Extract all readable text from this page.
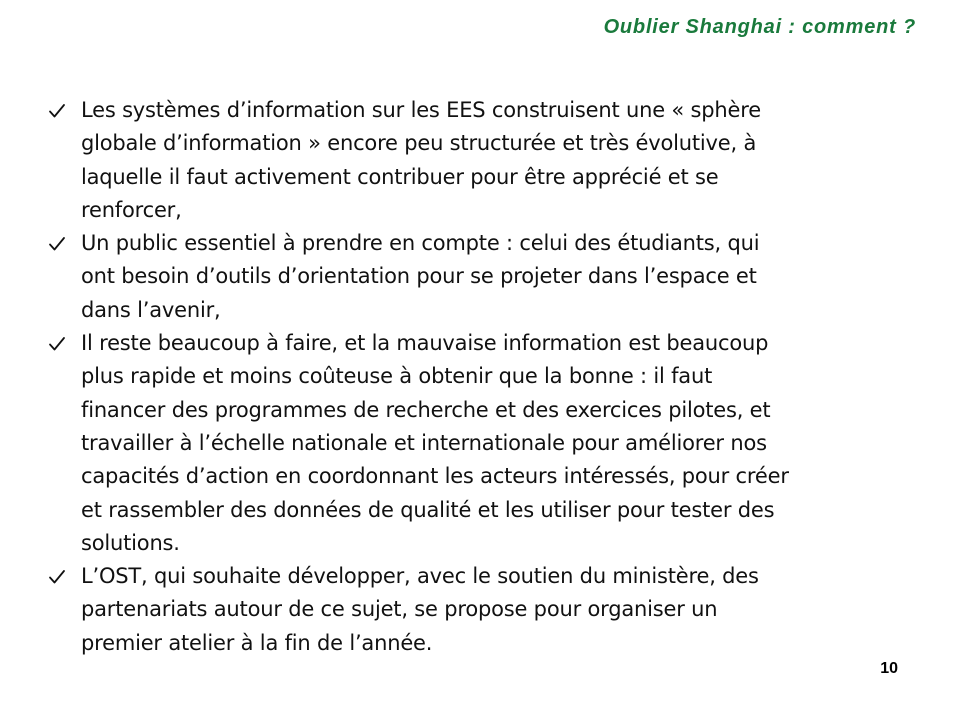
Oublier Shanghai : comment ?
Les systèmes d’information sur les EES construisent une « sphère
globale d’information » encore peu structurée et très évolutive, à
laquelle il faut activement contribuer pour être apprécié et se
renforcer,
Un public essentiel à prendre en compte : celui des étudiants, qui
ont besoin d’outils d’orientation pour se projeter dans l’espace et
dans l’avenir,
Il reste beaucoup à faire, et la mauvaise information est beaucoup
plus rapide et moins coûteuse à obtenir que la bonne : il faut
financer des programmes de recherche et des exercices pilotes, et
travailler à l’échelle nationale et internationale pour améliorer nos
capacités d’action en coordonnant les acteurs intéressés, pour créer
et rassembler des données de qualité et les utiliser pour tester des
solutions.
L’OST, qui souhaite développer, avec le soutien du ministère, des
partenariats autour de ce sujet, se propose pour organiser un
premier atelier à la fin de l’année.
10
